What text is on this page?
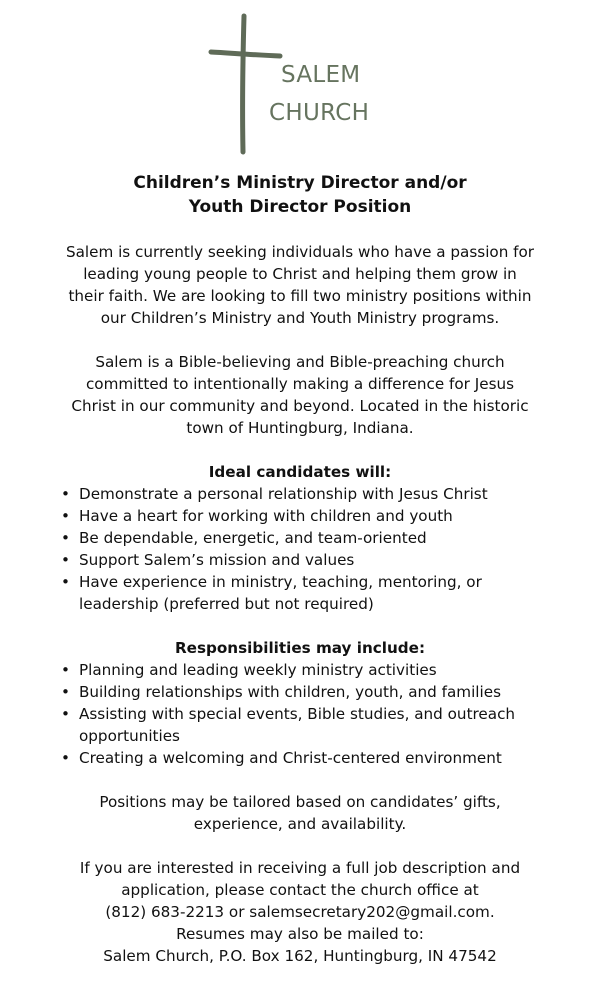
SALEM
CHURCH
Children’s Ministry Director and/or
Youth Director Position
Salem is currently seeking individuals who have a passion for
leading young people to Christ and helping them grow in
their faith. We are looking to fill two ministry positions within
our Children’s Ministry and Youth Ministry programs.
Salem is a Bible-believing and Bible-preaching church
committed to intentionally making a difference for Jesus
Christ in our community and beyond. Located in the historic
town of Huntingburg, Indiana.
Ideal candidates will:
• Demonstrate a personal relationship with Jesus Christ
• Have a heart for working with children and youth
• Be dependable, energetic, and team-oriented
• Support Salem’s mission and values
• Have experience in ministry, teaching, mentoring, or leadership (preferred but not required)
Responsibilities may include:
• Planning and leading weekly ministry activities
• Building relationships with children, youth, and families
• Assisting with special events, Bible studies, and outreach opportunities
• Creating a welcoming and Christ-centered environment
Positions may be tailored based on candidates’ gifts,
experience, and availability.
If you are interested in receiving a full job description and
application, please contact the church office at
(812) 683-2213 or salemsecretary202@gmail.com.
Resumes may also be mailed to:
Salem Church, P.O. Box 162, Huntingburg, IN 47542
